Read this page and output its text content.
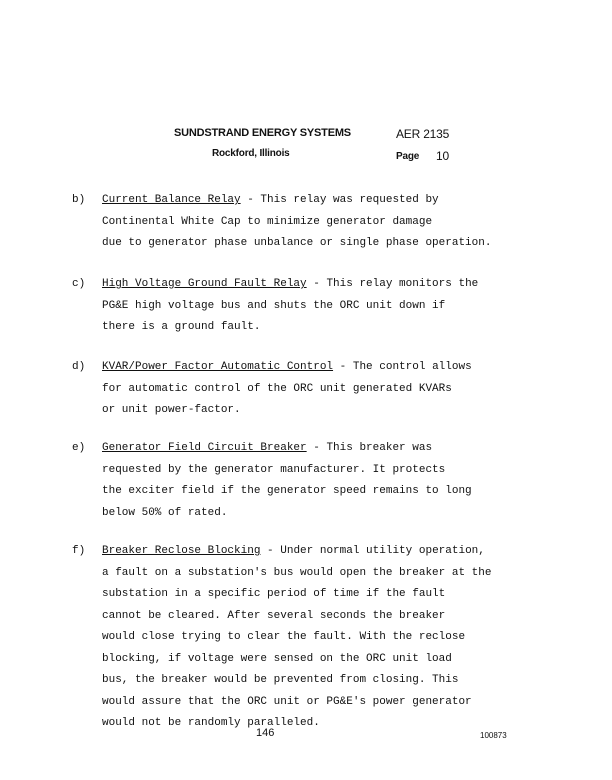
SUNDSTRAND ENERGY SYSTEMS
Rockford, Illinois
AER 2135
Page 10
b) Current Balance Relay - This relay was requested by
Continental White Cap to minimize generator damage
due to generator phase unbalance or single phase operation.
c) High Voltage Ground Fault Relay - This relay monitors the
PG&E high voltage bus and shuts the ORC unit down if
there is a ground fault.
d) KVAR/Power Factor Automatic Control - The control allows
for automatic control of the ORC unit generated KVARs
or unit power-factor.
e) Generator Field Circuit Breaker - This breaker was
requested by the generator manufacturer. It protects
the exciter field if the generator speed remains to long
below 50% of rated.
f) Breaker Reclose Blocking - Under normal utility operation,
a fault on a substation's bus would open the breaker at the
substation in a specific period of time if the fault
cannot be cleared. After several seconds the breaker
would close trying to clear the fault. With the reclose
blocking, if voltage were sensed on the ORC unit load
bus, the breaker would be prevented from closing. This
would assure that the ORC unit or PG&E's power generator
would not be randomly paralleled.
146	100873
